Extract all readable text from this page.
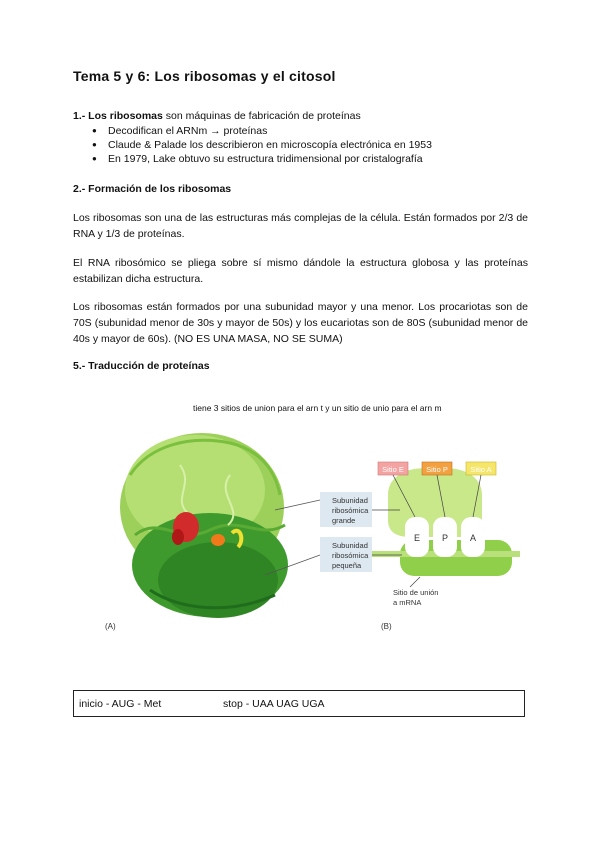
Tema 5 y 6: Los ribosomas y el citosol

1.- Los ribosomas son máquinas de fabricación de proteínas

● Decodifican el ARNm → proteínas
● Claude & Palade los describieron en microscopía electrónica en 1953
● En 1979, Lake obtuvo su estructura tridimensional por cristalografía

2.- Formación de los ribosomas

Los ribosomas son una de las estructuras más complejas de la célula. Están formados por 2/3 de RNA y 1/3 de proteínas.

El RNA ribosómico se pliega sobre sí mismo dándole la estructura globosa y las proteínas estabilizan dicha estructura.

Los ribosomas están formados por una subunidad mayor y una menor. Los procariotas son de 70S (subunidad menor de 30s y mayor de 50s) y los eucariotas son de 80S (subunidad menor de 40s y mayor de 60s). (NO ES UNA MASA, NO SE SUMA)

5.- Traducción de proteínas

tiene 3 sitios de union para el arn t y un sitio de unio para el arn m
E P A
Sitio E	Sitio P	Sitio A
Subunidad
ribosómica
grande
Subunidad
ribosómica
pequeña
Sitio de unión
a mRNA
(A)	(B)
inicio - AUG - Met	stop - UAA UAG UGA
